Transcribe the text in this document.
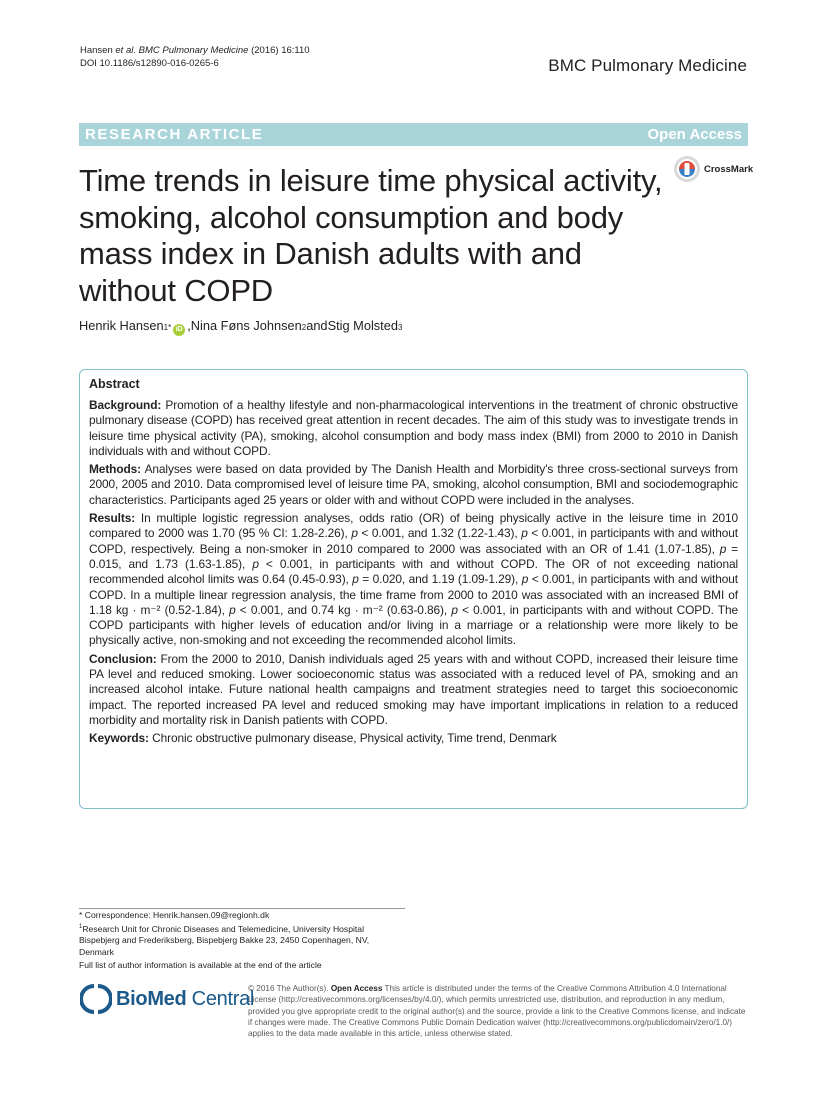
Hansen et al. BMC Pulmonary Medicine (2016) 16:110
DOI 10.1186/s12890-016-0265-6	BMC Pulmonary Medicine
RESEARCH ARTICLE	Open Access
Time trends in leisure time physical activity, smoking, alcohol consumption and body mass index in Danish adults with and without COPD
CrossMark
Henrik Hansen 1* iD , Nina Føns Johnsen 2 and Stig Molsted 3
Abstract

Background: Promotion of a healthy lifestyle and non-pharmacological interventions in the treatment of chronic obstructive pulmonary disease (COPD) has received great attention in recent decades. The aim of this study was to investigate trends in leisure time physical activity (PA), smoking, alcohol consumption and body mass index (BMI) from 2000 to 2010 in Danish individuals with and without COPD.

Methods: Analyses were based on data provided by The Danish Health and Morbidity's three cross-sectional surveys from 2000, 2005 and 2010. Data compromised level of leisure time PA, smoking, alcohol consumption, BMI and sociodemographic characteristics. Participants aged 25 years or older with and without COPD were included in the analyses.

Results: In multiple logistic regression analyses, odds ratio (OR) of being physically active in the leisure time in 2010 compared to 2000 was 1.70 (95 % CI: 1.28-2.26), p < 0.001, and 1.32 (1.22-1.43), p < 0.001, in participants with and without COPD, respectively. Being a non-smoker in 2010 compared to 2000 was associated with an OR of 1.41 (1.07-1.85), p = 0.015, and 1.73 (1.63-1.85), p < 0.001, in participants with and without COPD. The OR of not exceeding national recommended alcohol limits was 0.64 (0.45-0.93), p = 0.020, and 1.19 (1.09-1.29), p < 0.001, in participants with and without COPD. In a multiple linear regression analysis, the time frame from 2000 to 2010 was associated with an increased BMI of 1.18 kg · m⁻² (0.52-1.84), p < 0.001, and 0.74 kg · m⁻² (0.63-0.86), p < 0.001, in participants with and without COPD. The COPD participants with higher levels of education and/or living in a marriage or a relationship were more likely to be physically active, non-smoking and not exceeding the recommended alcohol limits.

Conclusion: From the 2000 to 2010, Danish individuals aged 25 years with and without COPD, increased their leisure time PA level and reduced smoking. Lower socioeconomic status was associated with a reduced level of PA, smoking and an increased alcohol intake. Future national health campaigns and treatment strategies need to target this socioeconomic impact. The reported increased PA level and reduced smoking may have important implications in relation to a reduced morbidity and mortality risk in Danish patients with COPD.

Keywords: Chronic obstructive pulmonary disease, Physical activity, Time trend, Denmark

* Correspondence: Henrik.hansen.09@regionh.dk
$^1$Research Unit for Chronic Diseases and Telemedicine, University Hospital
Bispebjerg and Frederiksberg, Bispebjerg Bakke 23, 2450 Copenhagen, NV,
Denmark
Full list of author information is available at the end of the article
BioMed Central
© 2016 The Author(s). Open Access This article is distributed under the terms of the Creative Commons Attribution 4.0 International License (http://creativecommons.org/licenses/by/4.0/), which permits unrestricted use, distribution, and reproduction in any medium, provided you give appropriate credit to the original author(s) and the source, provide a link to the Creative Commons license, and indicate if changes were made. The Creative Commons Public Domain Dedication waiver (http://creativecommons.org/publicdomain/zero/1.0/) applies to the data made available in this article, unless otherwise stated.
